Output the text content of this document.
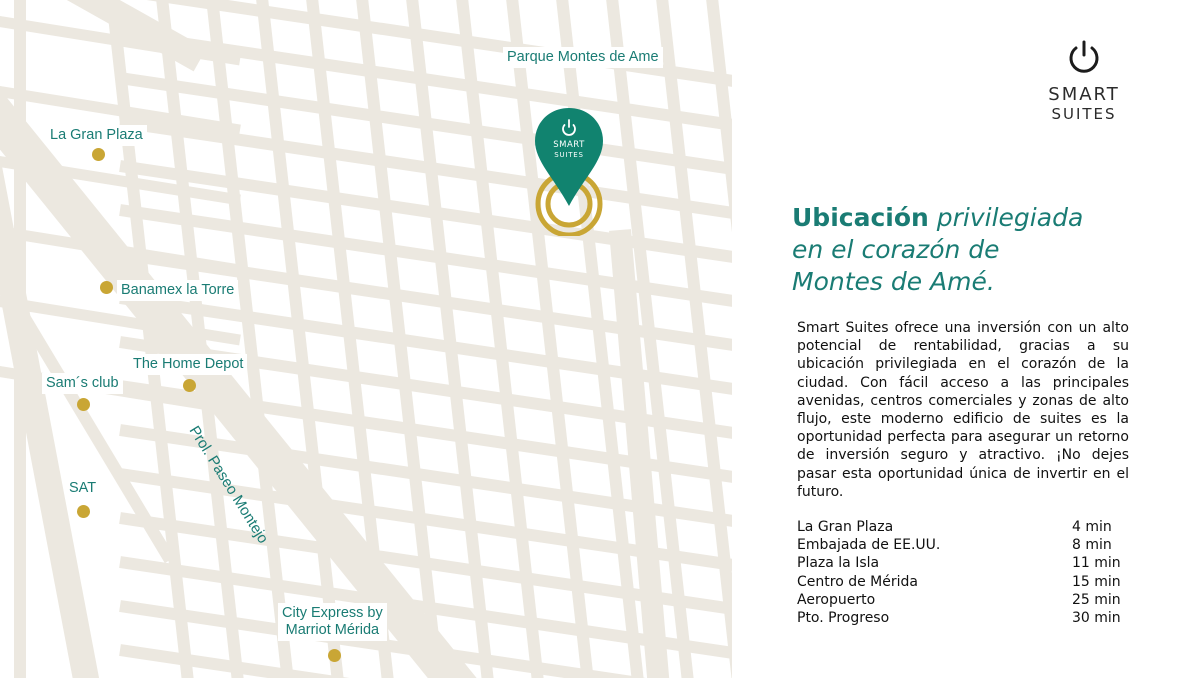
Parque Montes de Ame
La Gran Plaza
Banamex la Torre
The Home Depot
Sam´s club
SAT
City Express by
Marriot Mérida
Prol. Paseo Montejo
SMART
SUITES
SMART
SUITES
Ubicación privilegiada
en el corazón de
Montes de Amé.
Smart Suites ofrece una inversión con un alto potencial de rentabilidad, gracias a su ubicación privilegiada en el corazón de la ciudad. Con fácil acceso a las principales avenidas, centros comerciales y zonas de alto flujo, este moderno edificio de suites es la oportunidad perfecta para asegurar un retorno de inversión seguro y atractivo. ¡No dejes pasar esta oportunidad única de invertir en el futuro.
La Gran Plaza	4 min
Embajada de EE.UU.	8 min
Plaza la Isla	11 min
Centro de Mérida	15 min
Aeropuerto	25 min
Pto. Progreso	30 min
